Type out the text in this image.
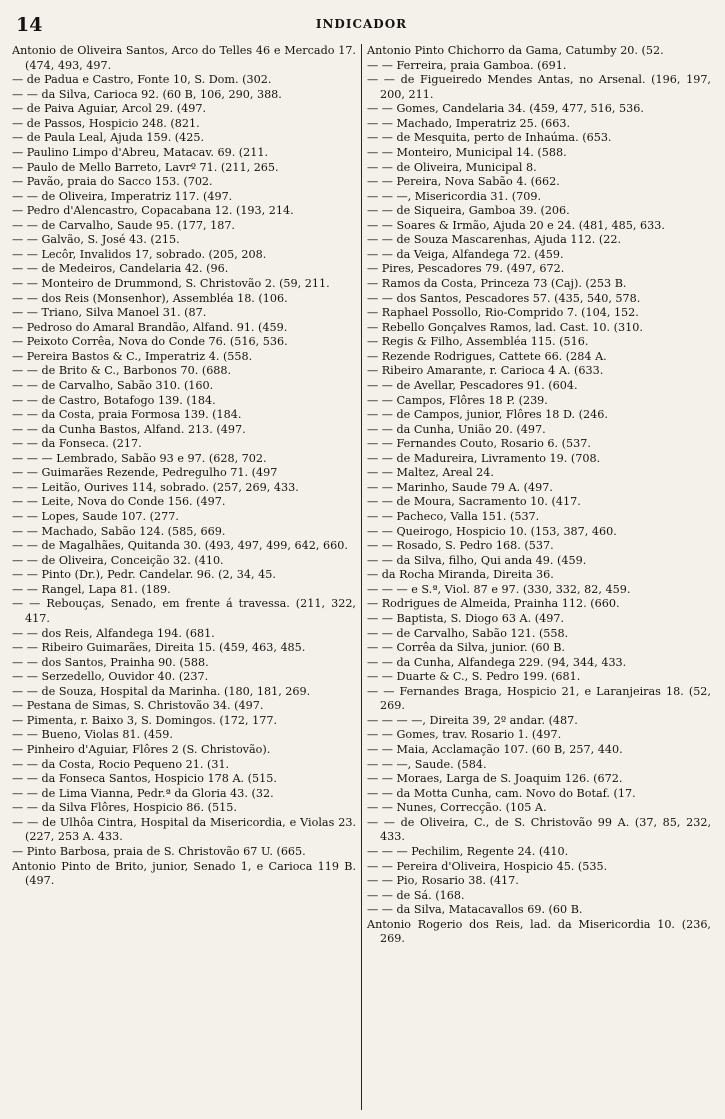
14	INDICADOR

Antonio de Oliveira Santos, Arco do Telles 46 e Mercado 17. (474, 493, 497.

— de Padua e Castro, Fonte 10, S. Dom. (302.

— — da Silva, Carioca 92. (60 B, 106, 290, 388.

— de Paiva Aguiar, Arcol 29. (497.

— de Passos, Hospicio 248. (821.

— de Paula Leal, Ajuda 159. (425.

— Paulino Limpo d'Abreu, Matacav. 69. (211.

— Paulo de Mello Barreto, Lavrº 71. (211, 265.

— Pavão, praia do Sacco 153. (702.

— — de Oliveira, Imperatriz 117. (497.

— Pedro d'Alencastro, Copacabana 12. (193, 214.

— — de Carvalho, Saude 95. (177, 187.

— — Galvão, S. José 43. (215.

— — Lecôr, Invalidos 17, sobrado. (205, 208.

— — de Medeiros, Candelaria 42. (96.

— — Monteiro de Drummond, S. Christovão 2. (59, 211.

— — dos Reis (Monsenhor), Assembléa 18. (106.

— — Triano, Silva Manoel 31. (87.

— Pedroso do Amaral Brandão, Alfand. 91. (459.

— Peixoto Corrêa, Nova do Conde 76. (516, 536.

— Pereira Bastos & C., Imperatriz 4. (558.

— — de Brito & C., Barbonos 70. (688.

— — de Carvalho, Sabão 310. (160.

— — de Castro, Botafogo 139. (184.

— — da Costa, praia Formosa 139. (184.

— — da Cunha Bastos, Alfand. 213. (497.

— — da Fonseca. (217.

— — — Lembrado, Sabão 93 e 97. (628, 702.

— — Guimarães Rezende, Pedregulho 71. (497

— — Leitão, Ourives 114, sobrado. (257, 269, 433.

— — Leite, Nova do Conde 156. (497.

— — Lopes, Saude 107. (277.

— — Machado, Sabão 124. (585, 669.

— — de Magalhães, Quitanda 30. (493, 497, 499, 642, 660.

— — de Oliveira, Conceição 32. (410.

— — Pinto (Dr.), Pedr. Candelar. 96. (2, 34, 45.

— — Rangel, Lapa 81. (189.

— — Rebouças, Senado, em frente á travessa. (211, 322, 417.

— — dos Reis, Alfandega 194. (681.

— — Ribeiro Guimarães, Direita 15. (459, 463, 485.

— — dos Santos, Prainha 90. (588.

— — Serzedello, Ouvidor 40. (237.

— — de Souza, Hospital da Marinha. (180, 181, 269.

— Pestana de Simas, S. Christovão 34. (497.

— Pimenta, r. Baixo 3, S. Domingos. (172, 177.

— — Bueno, Violas 81. (459.

— Pinheiro d'Aguiar, Flôres 2 (S. Christovão).

— — da Costa, Rocio Pequeno 21. (31.

— — da Fonseca Santos, Hospicio 178 A. (515.

— — de Lima Vianna, Pedr.ª da Gloria 43. (32.

— — da Silva Flôres, Hospicio 86. (515.

— — de Ulhôa Cintra, Hospital da Misericordia, e Violas 23. (227, 253 A. 433.

— Pinto Barbosa, praia de S. Christovão 67 U. (665.

Antonio Pinto de Brito, junior, Senado 1, e Carioca 119 B. (497.

Antonio Pinto Chichorro da Gama, Catumby 20. (52.

— — Ferreira, praia Gamboa. (691.

— — de Figueiredo Mendes Antas, no Arsenal. (196, 197, 200, 211.

— — Gomes, Candelaria 34. (459, 477, 516, 536.

— — Machado, Imperatriz 25. (663.

— — de Mesquita, perto de Inhaúma. (653.

— — Monteiro, Municipal 14. (588.

— — de Oliveira, Municipal 8.

— — Pereira, Nova Sabão 4. (662.

— — —, Misericordia 31. (709.

— — de Siqueira, Gamboa 39. (206.

— — Soares & Irmão, Ajuda 20 e 24. (481, 485, 633.

— — de Souza Mascarenhas, Ajuda 112. (22.

— — da Veiga, Alfandega 72. (459.

— Pires, Pescadores 79. (497, 672.

— Ramos da Costa, Princeza 73 (Caj). (253 B.

— — dos Santos, Pescadores 57. (435, 540, 578.

— Raphael Possollo, Rio-Comprido 7. (104, 152.

— Rebello Gonçalves Ramos, lad. Cast. 10. (310.

— Regis & Filho, Assembléa 115. (516.

— Rezende Rodrigues, Cattete 66. (284 A.

— Ribeiro Amarante, r. Carioca 4 A. (633.

— — de Avellar, Pescadores 91. (604.

— — Campos, Flôres 18 P. (239.

— — de Campos, junior, Flôres 18 D. (246.

— — da Cunha, União 20. (497.

— — Fernandes Couto, Rosario 6. (537.

— — de Madureira, Livramento 19. (708.

— — Maltez, Areal 24.

— — Marinho, Saude 79 A. (497.

— — de Moura, Sacramento 10. (417.

— — Pacheco, Valla 151. (537.

— — Queirogo, Hospicio 10. (153, 387, 460.

— — Rosado, S. Pedro 168. (537.

— — da Silva, filho, Qui anda 49. (459.

— da Rocha Miranda, Direita 36.

— — — e S.ª, Viol. 87 e 97. (330, 332, 82, 459.

— Rodrigues de Almeida, Prainha 112. (660.

— — Baptista, S. Diogo 63 A. (497.

— — de Carvalho, Sabão 121. (558.

— — Corrêa da Silva, junior. (60 B.

— — da Cunha, Alfandega 229. (94, 344, 433.

— — Duarte & C., S. Pedro 199. (681.

— — Fernandes Braga, Hospicio 21, e Laranjeiras 18. (52, 269.

— — — —, Direita 39, 2º andar. (487.

— — Gomes, trav. Rosario 1. (497.

— — Maia, Acclamação 107. (60 B, 257, 440.

— — —, Saude. (584.

— — Moraes, Larga de S. Joaquim 126. (672.

— — da Motta Cunha, cam. Novo do Botaf. (17.

— — Nunes, Correcção. (105 A.

— — de Oliveira, C., de S. Christovão 99 A. (37, 85, 232, 433.

— — — Pechilim, Regente 24. (410.

— — Pereira d'Oliveira, Hospicio 45. (535.

— — Pio, Rosario 38. (417.

— — de Sá. (168.

— — da Silva, Matacavallos 69. (60 B.

Antonio Rogerio dos Reis, lad. da Misericordia 10. (236, 269.
